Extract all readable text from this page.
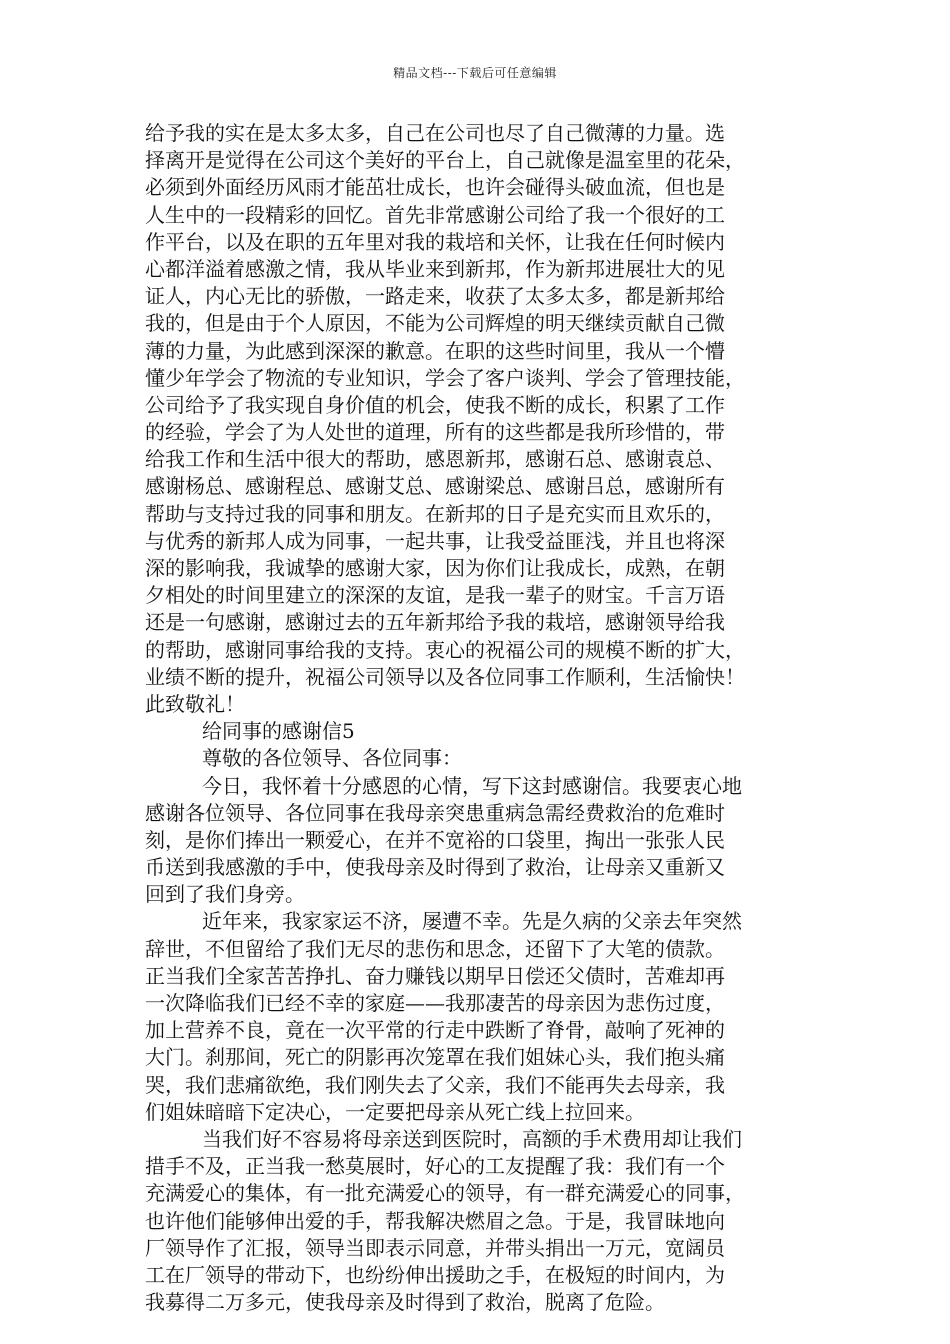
精品文档---下载后可任意编辑
给予我的实在是太多太多，自己在公司也尽了自己微薄的力量。选
择离开是觉得在公司这个美好的平台上，自己就像是温室里的花朵，
必须到外面经历风雨才能茁壮成长，也许会碰得头破血流，但也是
人生中的一段精彩的回忆。首先非常感谢公司给了我一个很好的工
作平台，以及在职的五年里对我的栽培和关怀，让我在任何时候内
心都洋溢着感激之情，我从毕业来到新邦，作为新邦进展壮大的见
证人，内心无比的骄傲，一路走来，收获了太多太多，都是新邦给
我的，但是由于个人原因，不能为公司辉煌的明天继续贡献自己微
薄的力量，为此感到深深的歉意。在职的这些时间里，我从一个懵
懂少年学会了物流的专业知识，学会了客户谈判、学会了管理技能，
公司给予了我实现自身价值的机会，使我不断的成长，积累了工作
的经验，学会了为人处世的道理，所有的这些都是我所珍惜的，带
给我工作和生活中很大的帮助，感恩新邦，感谢石总、感谢袁总、
感谢杨总、感谢程总、感谢艾总、感谢梁总、感谢吕总，感谢所有
帮助与支持过我的同事和朋友。在新邦的日子是充实而且欢乐的，
与优秀的新邦人成为同事，一起共事，让我受益匪浅，并且也将深
深的影响我，我诚挚的感谢大家，因为你们让我成长，成熟，在朝
夕相处的时间里建立的深深的友谊，是我一辈子的财宝。千言万语
还是一句感谢，感谢过去的五年新邦给予我的栽培，感谢领导给我
的帮助，感谢同事给我的支持。衷心的祝福公司的规模不断的扩大，
业绩不断的提升，祝福公司领导以及各位同事工作顺利，生活愉快！
此致敬礼！
给同事的感谢信5
尊敬的各位领导、各位同事：
今日，我怀着十分感恩的心情，写下这封感谢信。我要衷心地
感谢各位领导、各位同事在我母亲突患重病急需经费救治的危难时
刻，是你们捧出一颗爱心，在并不宽裕的口袋里，掏出一张张人民
币送到我感激的手中，使我母亲及时得到了救治，让母亲又重新又
回到了我们身旁。
近年来，我家家运不济，屡遭不幸。先是久病的父亲去年突然
辞世，不但留给了我们无尽的悲伤和思念，还留下了大笔的债款。
正当我们全家苦苦挣扎、奋力赚钱以期早日偿还父债时，苦难却再
一次降临我们已经不幸的家庭——我那凄苦的母亲因为悲伤过度，
加上营养不良，竟在一次平常的行走中跌断了脊骨，敲响了死神的
大门。刹那间，死亡的阴影再次笼罩在我们姐妹心头，我们抱头痛
哭，我们悲痛欲绝，我们刚失去了父亲，我们不能再失去母亲，我
们姐妹暗暗下定决心，一定要把母亲从死亡线上拉回来。
当我们好不容易将母亲送到医院时，高额的手术费用却让我们
措手不及，正当我一愁莫展时，好心的工友提醒了我：我们有一个
充满爱心的集体，有一批充满爱心的领导，有一群充满爱心的同事，
也许他们能够伸出爱的手，帮我解决燃眉之急。于是，我冒昧地向
厂领导作了汇报，领导当即表示同意，并带头捐出一万元，宽阔员
工在厂领导的带动下，也纷纷伸出援助之手，在极短的时间内，为
我募得二万多元，使我母亲及时得到了救治，脱离了危险。
